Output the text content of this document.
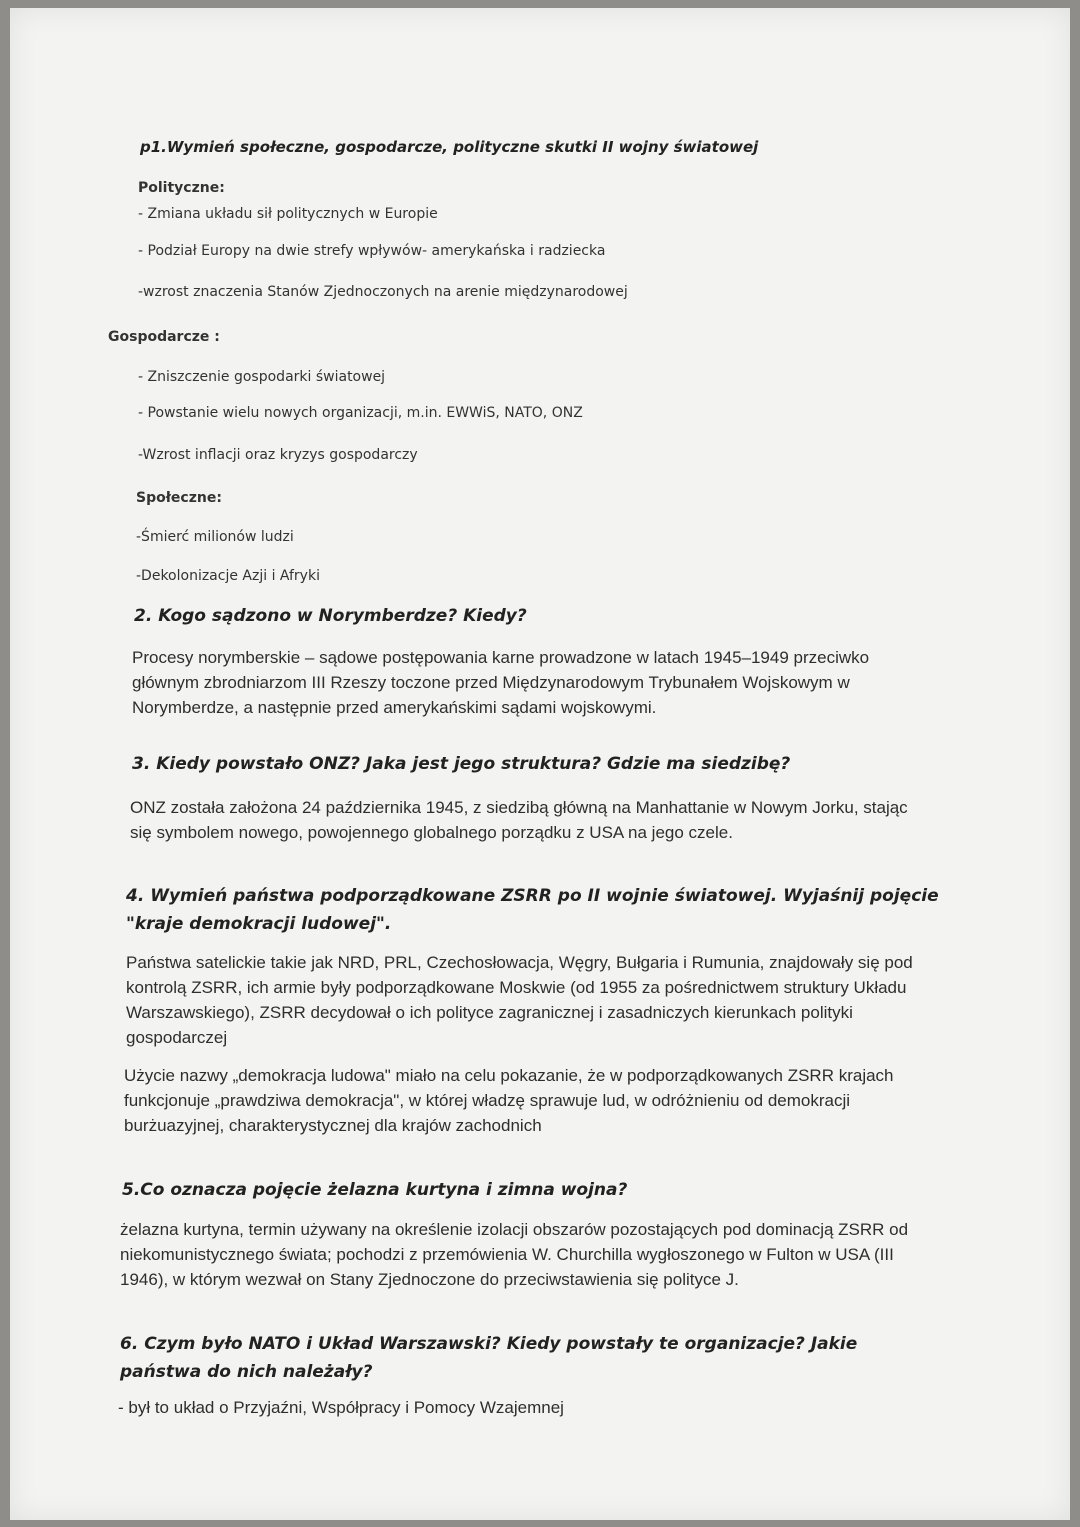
p1.Wymień społeczne, gospodarcze, polityczne skutki II wojny światowej
Polityczne:
- Zmiana układu sił politycznych w Europie
- Podział Europy na dwie strefy wpływów- amerykańska i radziecka
-wzrost znaczenia Stanów Zjednoczonych na arenie międzynarodowej
Gospodarcze :
- Zniszczenie gospodarki światowej
- Powstanie wielu nowych organizacji, m.in. EWWiS, NATO, ONZ
-Wzrost inflacji oraz kryzys gospodarczy
Społeczne:
-Śmierć milionów ludzi
-Dekolonizacje Azji i Afryki
2. Kogo sądzono w Norymberdze? Kiedy?
Procesy norymberskie – sądowe postępowania karne prowadzone w latach 1945–1949 przeciwko głównym zbrodniarzom III Rzeszy toczone przed Międzynarodowym Trybunałem Wojskowym w Norymberdze, a następnie przed amerykańskimi sądami wojskowymi.
3. Kiedy powstało ONZ? Jaka jest jego struktura? Gdzie ma siedzibę?
ONZ została założona 24 października 1945, z siedzibą główną na Manhattanie w Nowym Jorku, stając się symbolem nowego, powojennego globalnego porządku z USA na jego czele.
4. Wymień państwa podporządkowane ZSRR po II wojnie światowej. Wyjaśnij pojęcie "kraje demokracji ludowej".
Państwa satelickie takie jak NRD, PRL, Czechosłowacja, Węgry, Bułgaria i Rumunia, znajdowały się pod kontrolą ZSRR, ich armie były podporządkowane Moskwie (od 1955 za pośrednictwem struktury Układu Warszawskiego), ZSRR decydował o ich polityce zagranicznej i zasadniczych kierunkach polityki gospodarczej
Użycie nazwy „demokracja ludowa" miało na celu pokazanie, że w podporządkowanych ZSRR krajach funkcjonuje „prawdziwa demokracja", w której władzę sprawuje lud, w odróżnieniu od demokracji burżuazyjnej, charakterystycznej dla krajów zachodnich
5.Co oznacza pojęcie żelazna kurtyna i zimna wojna?
żelazna kurtyna, termin używany na określenie izolacji obszarów pozostających pod dominacją ZSRR od niekomunistycznego świata; pochodzi z przemówienia W. Churchilla wygłoszonego w Fulton w USA (III 1946), w którym wezwał on Stany Zjednoczone do przeciwstawienia się polityce J.
6. Czym było NATO i Układ Warszawski? Kiedy powstały te organizacje? Jakie państwa do nich należały?
- był to układ o Przyjaźni, Współpracy i Pomocy Wzajemnej
